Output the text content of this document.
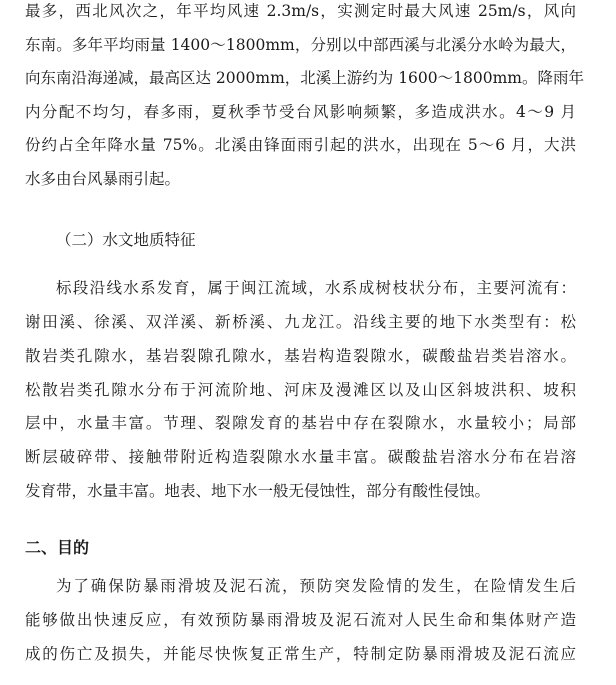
最多，西北风次之，年平均风速 2.3m/s，实测定时最大风速 25m/s，风向
东南。多年平均雨量 1400～1800mm，分别以中部西溪与北溪分水岭为最大，
向东南沿海递减，最高区达 2000mm，北溪上游约为 1600～1800mm。降雨年
内分配不均匀，春多雨，夏秋季节受台风影响频繁，多造成洪水。4～9 月
份约占全年降水量 75%。北溪由锋面雨引起的洪水，出现在 5～6 月，大洪
水多由台风暴雨引起。
（二）水文地质特征
标段沿线水系发育，属于闽江流域，水系成树枝状分布，主要河流有：
谢田溪、徐溪、双洋溪、新桥溪、九龙江。沿线主要的地下水类型有：松
散岩类孔隙水，基岩裂隙孔隙水，基岩构造裂隙水，碳酸盐岩类岩溶水。
松散岩类孔隙水分布于河流阶地、河床及漫滩区以及山区斜坡洪积、坡积
层中，水量丰富。节理、裂隙发育的基岩中存在裂隙水，水量较小；局部
断层破碎带、接触带附近构造裂隙水水量丰富。碳酸盐岩溶水分布在岩溶
发育带，水量丰富。地表、地下水一般无侵蚀性，部分有酸性侵蚀。
二、目的
为了确保防暴雨滑坡及泥石流，预防突发险情的发生，在险情发生后
能够做出快速反应，有效预防暴雨滑坡及泥石流对人民生命和集体财产造
成的伤亡及损失，并能尽快恢复正常生产，特制定防暴雨滑坡及泥石流应
